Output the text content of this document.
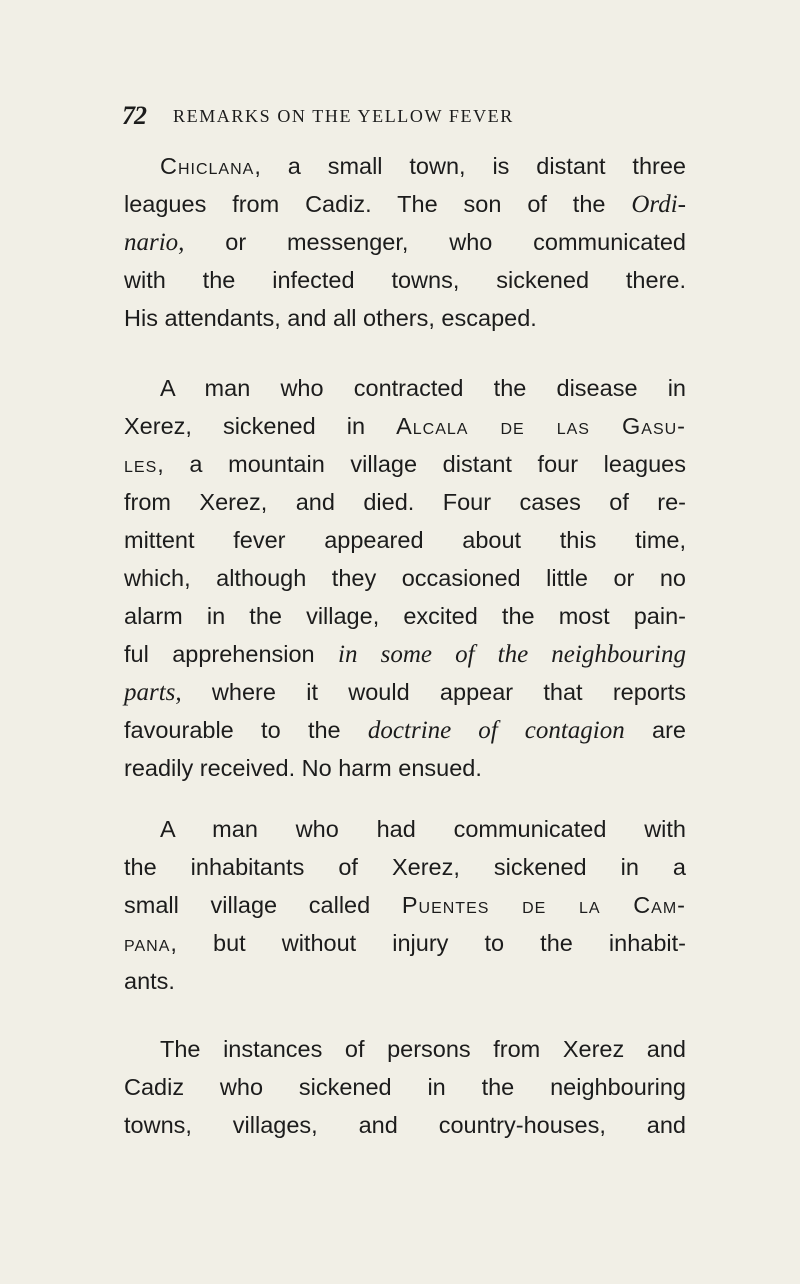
72 REMARKS ON THE YELLOW FEVER
Chiclana, a small town, is distant three
leagues from Cadiz. The son of the Ordi-
nario, or messenger, who communicated
with the infected towns, sickened there.
His attendants, and all others, escaped.
A man who contracted the disease in
Xerez, sickened in Alcala de las Gasu-
les, a mountain village distant four leagues
from Xerez, and died. Four cases of re-
mittent fever appeared about this time,
which, although they occasioned little or no
alarm in the village, excited the most pain-
ful apprehension in some of the neighbouring
parts, where it would appear that reports
favourable to the doctrine of contagion are
readily received. No harm ensued.
A man who had communicated with
the inhabitants of Xerez, sickened in a
small village called Puentes de la Cam-
pana, but without injury to the inhabit-
ants.
The instances of persons from Xerez and
Cadiz who sickened in the neighbouring
towns, villages, and country-houses, and
